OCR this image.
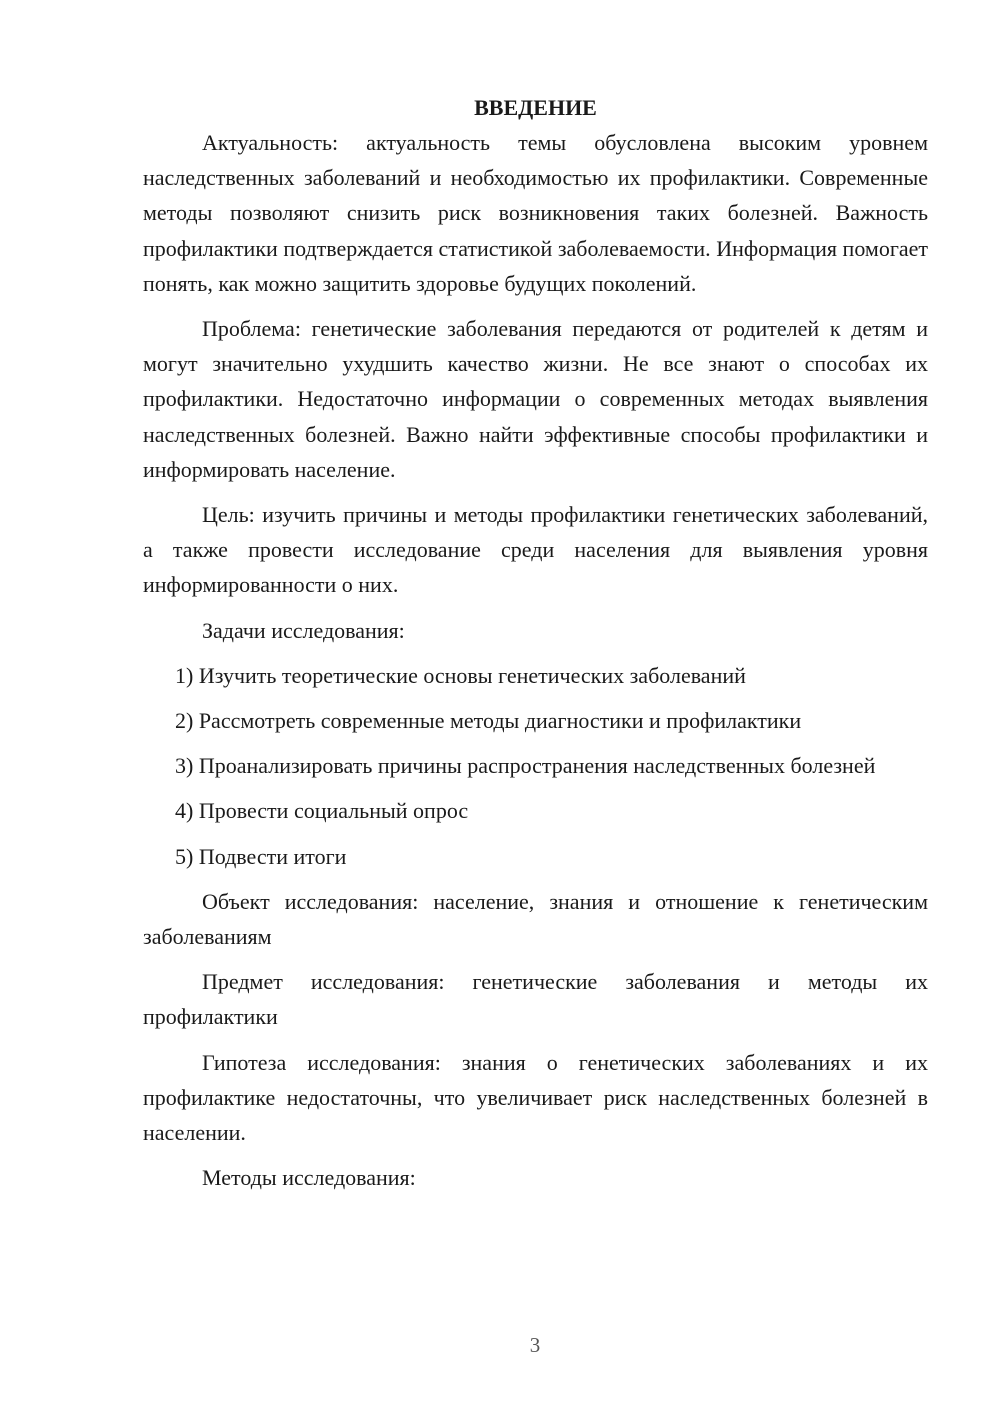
ВВЕДЕНИЕ

Актуальность: актуальность темы обусловлена высоким уровнем наследственных заболеваний и необходимостью их профилактики. Современные методы позволяют снизить риск возникновения таких болезней. Важность профилактики подтверждается статистикой заболеваемости. Информация помогает понять, как можно защитить здоровье будущих поколений.

Проблема: генетические заболевания передаются от родителей к детям и могут значительно ухудшить качество жизни. Не все знают о способах их профилактики. Недостаточно информации о современных методах выявления наследственных болезней. Важно найти эффективные способы профилактики и информировать население.

Цель: изучить причины и методы профилактики генетических заболеваний, а также провести исследование среди населения для выявления уровня информированности о них.

Задачи исследования:

1) Изучить теоретические основы генетических заболеваний

2) Рассмотреть современные методы диагностики и профилактики

3) Проанализировать причины распространения наследственных болезней

4) Провести социальный опрос

5) Подвести итоги

Объект исследования: население, знания и отношение к генетическим заболеваниям

Предмет исследования: генетические заболевания и методы их профилактики

Гипотеза исследования: знания о генетических заболеваниях и их профилактике недостаточны, что увеличивает риск наследственных болезней в населении.

Методы исследования:

3
